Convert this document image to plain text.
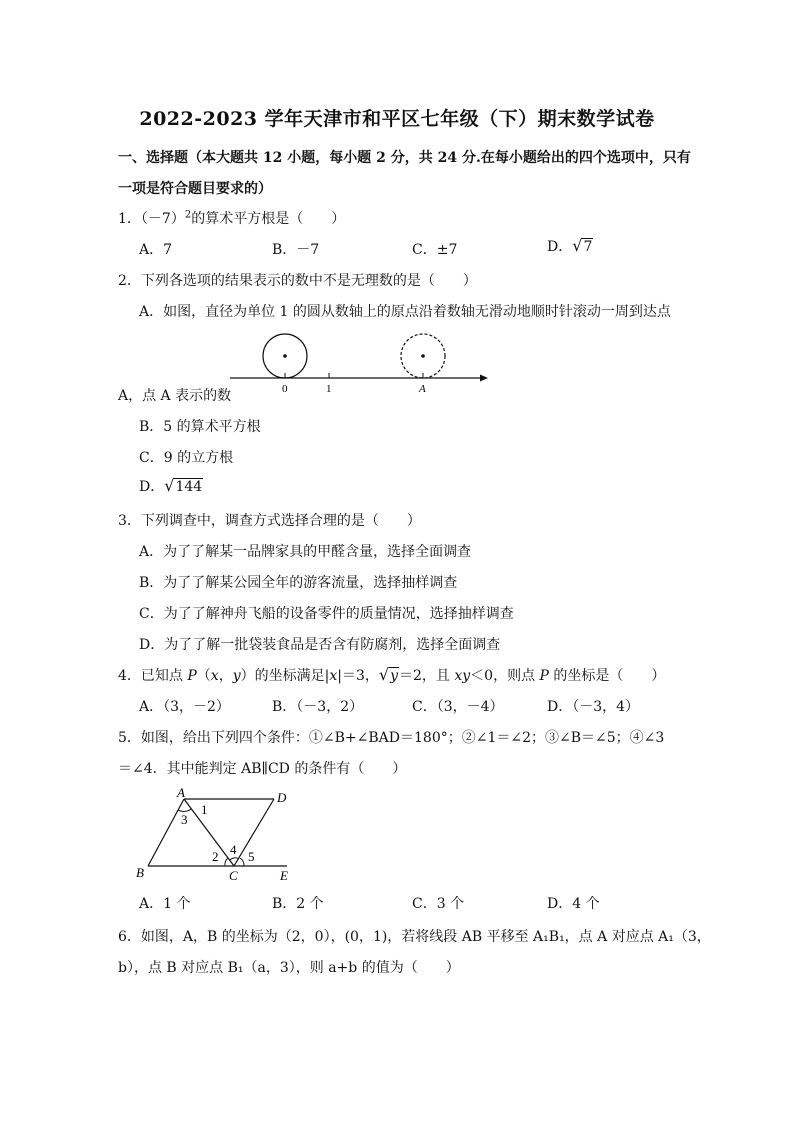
2022-2023 学年天津市和平区七年级（下）期末数学试卷
一、选择题（本大题共 12 小题，每小题 2 分，共 24 分.在每小题给出的四个选项中，只有
一项是符合题目要求的）
1．$(-7)^2$的算术平方根是（　　）
A．7	B．－7	C．±7	D．√7
2．下列各选项的结果表示的数中不是无理数的是（　　）
A．如图，直径为单位 1 的圆从数轴上的原点沿着数轴无滑动地顺时针滚动一周到达点
0	1	A
A，点 A 表示的数
B．5 的算术平方根
C．9 的立方根
D．√144
3．下列调查中，调查方式选择合理的是（　　）
A．为了了解某一品牌家具的甲醛含量，选择全面调查
B．为了了解某公园全年的游客流量，选择抽样调查
C．为了了解神舟飞船的设备零件的质量情况，选择抽样调查
D．为了了解一批袋装食品是否含有防腐剂，选择全面调查
4．已知点 P（x，y）的坐标满足|x|＝3，√y＝2，且 xy＜0，则点 P 的坐标是（　　）
A．（3，－2）	B．（－3，2）	C．（3，－4）	D．（－3，4）
5．如图，给出下列四个条件：①∠B+∠BAD＝180°；②∠1＝∠2；③∠B＝∠5；④∠3
＝∠4．其中能判定 AB∥CD 的条件有（　　）
A	D
B	C	E
1
3
2 4 5
A．1 个	B．2 个	C．3 个	D．4 个
6．如图，A，B 的坐标为（2，0），(0，1)，若将线段 AB 平移至 A₁B₁，点 A 对应点 A₁（3，
b），点 B 对应点 B₁（a，3），则 a+b 的值为（　　）
